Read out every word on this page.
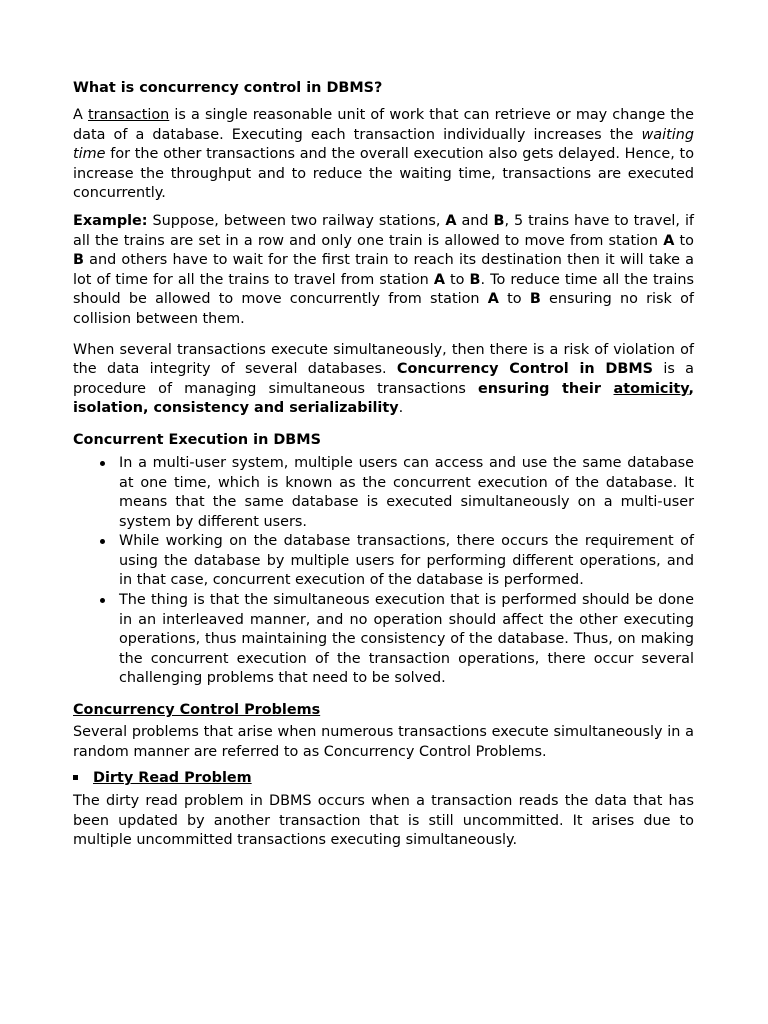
What is concurrency control in DBMS?

A transaction is a single reasonable unit of work that can retrieve or may change the data of a database. Executing each transaction individually increases the waiting time for the other transactions and the overall execution also gets delayed. Hence, to increase the throughput and to reduce the waiting time, transactions are executed concurrently.

Example: Suppose, between two railway stations, A and B, 5 trains have to travel, if all the trains are set in a row and only one train is allowed to move from station A to B and others have to wait for the first train to reach its destination then it will take a lot of time for all the trains to travel from station A to B. To reduce time all the trains should be allowed to move concurrently from station A to B ensuring no risk of collision between them.

When several transactions execute simultaneously, then there is a risk of violation of the data integrity of several databases. Concurrency Control in DBMS is a procedure of managing simultaneous transactions ensuring their atomicity, isolation, consistency and serializability.

Concurrent Execution in DBMS
In a multi-user system, multiple users can access and use the same database at one time, which is known as the concurrent execution of the database. It means that the same database is executed simultaneously on a multi-user system by different users.
While working on the database transactions, there occurs the requirement of using the database by multiple users for performing different operations, and in that case, concurrent execution of the database is performed.
The thing is that the simultaneous execution that is performed should be done in an interleaved manner, and no operation should affect the other executing operations, thus maintaining the consistency of the database. Thus, on making the concurrent execution of the transaction operations, there occur several challenging problems that need to be solved.
Concurrency Control Problems

Several problems that arise when numerous transactions execute simultaneously in a random manner are referred to as Concurrency Control Problems.

Dirty Read Problem

The dirty read problem in DBMS occurs when a transaction reads the data that has been updated by another transaction that is still uncommitted. It arises due to multiple uncommitted transactions executing simultaneously.
